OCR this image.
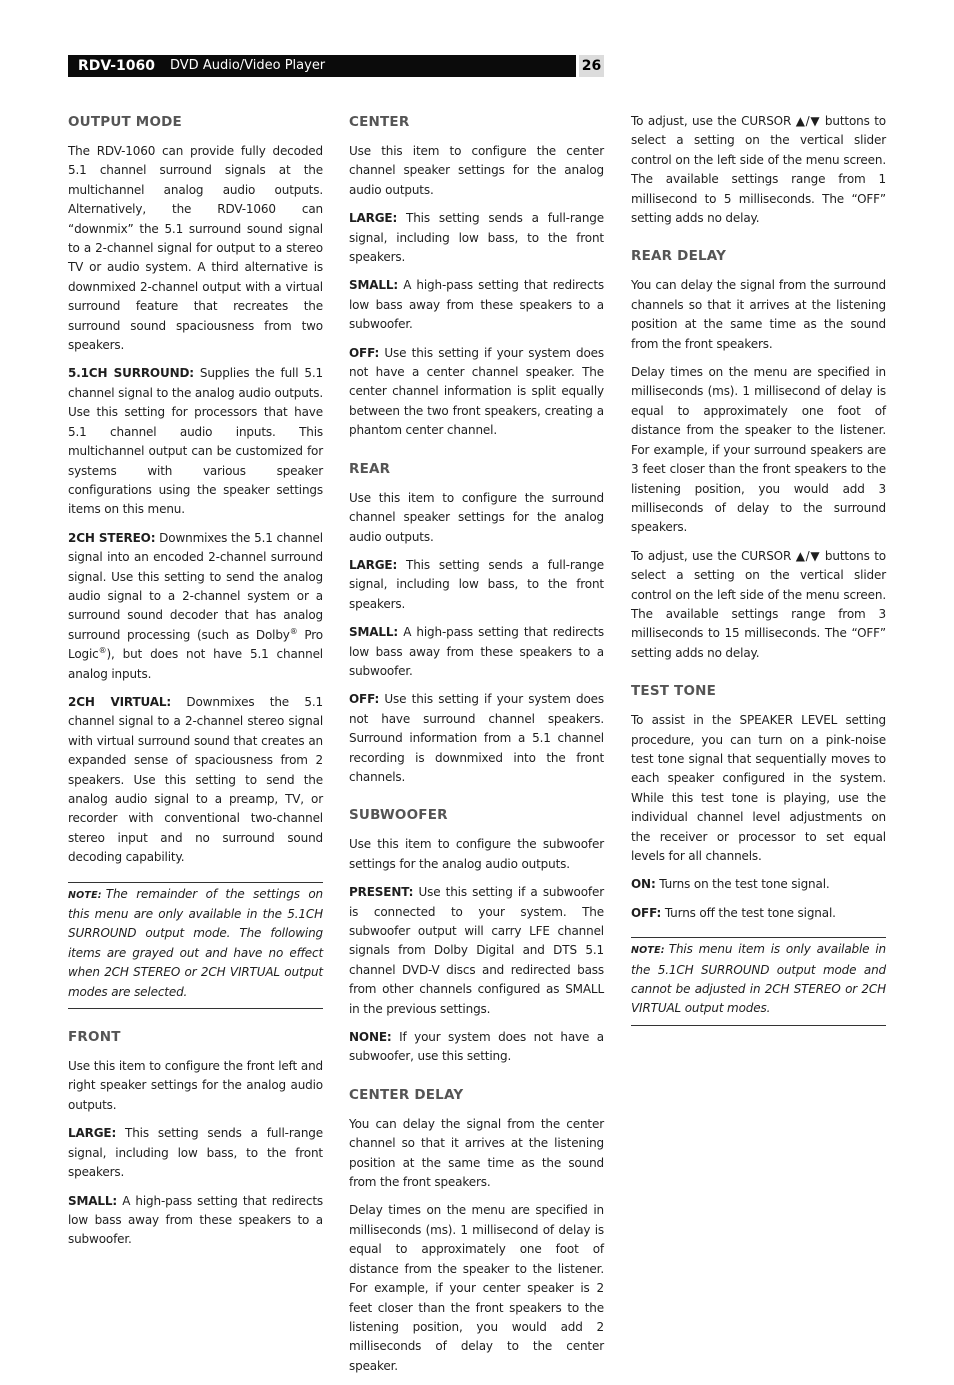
RDV-1060 DVD Audio/Video Player	26
OUTPUT MODE

The RDV-1060 can provide fully decoded 5.1 channel surround signals at the multichannel analog audio outputs. Alternatively, the RDV-1060 can “downmix” the 5.1 surround sound signal to a 2-channel signal for output to a stereo TV or audio system. A third alternative is downmixed 2-channel output with a virtual surround feature that recreates the surround sound spaciousness from two speakers.

5.1CH SURROUND: Supplies the full 5.1 channel signal to the analog audio outputs. Use this setting for processors that have 5.1 channel audio inputs. This multichannel output can be customized for systems with various speaker configurations using the speaker settings items on this menu.

2CH STEREO: Downmixes the 5.1 channel signal into an encoded 2-channel surround signal. Use this setting to send the analog audio signal to a 2-channel system or a surround sound decoder that has analog surround processing (such as Dolby® Pro Logic®), but does not have 5.1 channel analog inputs.

2CH VIRTUAL: Downmixes the 5.1 channel signal to a 2-channel stereo signal with virtual surround sound that creates an expanded sense of spaciousness from 2 speakers. Use this setting to send the analog audio signal to a preamp, TV, or recorder with conventional two-channel stereo input and no surround sound decoding capability.

NOTE: The remainder of the settings on this menu are only available in the 5.1CH SURROUND output mode. The following items are grayed out and have no effect when 2CH STEREO or 2CH VIRTUAL output modes are selected.

FRONT

Use this item to configure the front left and right speaker settings for the analog audio outputs.

LARGE: This setting sends a full-range signal, including low bass, to the front speakers.

SMALL: A high-pass setting that redirects low bass away from these speakers to a subwoofer.

CENTER

Use this item to configure the center channel speaker settings for the analog audio outputs.

LARGE: This setting sends a full-range signal, including low bass, to the front speakers.

SMALL: A high-pass setting that redirects low bass away from these speakers to a subwoofer.

OFF: Use this setting if your system does not have a center channel speaker. The center channel information is split equally between the two front speakers, creating a phantom center channel.

REAR

Use this item to configure the surround channel speaker settings for the analog audio outputs.

LARGE: This setting sends a full-range signal, including low bass, to the front speakers.

SMALL: A high-pass setting that redirects low bass away from these speakers to a subwoofer.

OFF: Use this setting if your system does not have surround channel speakers. Surround information from a 5.1 channel recording is downmixed into the front channels.

SUBWOOFER

Use this item to configure the subwoofer settings for the analog audio outputs.

PRESENT: Use this setting if a subwoofer is connected to your system. The subwoofer output will carry LFE channel signals from Dolby Digital and DTS 5.1 channel DVD-V discs and redirected bass from other channels configured as SMALL in the previous settings.

NONE: If your system does not have a subwoofer, use this setting.

CENTER DELAY

You can delay the signal from the center channel so that it arrives at the listening position at the same time as the sound from the front speakers.

Delay times on the menu are specified in milliseconds (ms). 1 millisecond of delay is equal to approximately one foot of distance from the speaker to the listener. For example, if your center speaker is 2 feet closer than the front speakers to the listening position, you would add 2 milliseconds of delay to the center speaker.

To adjust, use the CURSOR ▲/▼ buttons to select a setting on the vertical slider control on the left side of the menu screen. The available settings range from 1 millisecond to 5 milliseconds. The “OFF” setting adds no delay.

REAR DELAY

You can delay the signal from the surround channels so that it arrives at the listening position at the same time as the sound from the front speakers.

Delay times on the menu are specified in milliseconds (ms). 1 millisecond of delay is equal to approximately one foot of distance from the speaker to the listener. For example, if your surround speakers are 3 feet closer than the front speakers to the listening position, you would add 3 milliseconds of delay to the surround speakers.

To adjust, use the CURSOR ▲/▼ buttons to select a setting on the vertical slider control on the left side of the menu screen. The available settings range from 3 milliseconds to 15 milliseconds. The “OFF” setting adds no delay.

TEST TONE

To assist in the SPEAKER LEVEL setting procedure, you can turn on a pink-noise test tone signal that sequentially moves to each speaker configured in the system. While this test tone is playing, use the individual channel level adjustments on the receiver or processor to set equal levels for all channels.

ON: Turns on the test tone signal.

OFF: Turns off the test tone signal.

NOTE: This menu item is only available in the 5.1CH SURROUND output mode and cannot be adjusted in 2CH STEREO or 2CH VIRTUAL output modes.
